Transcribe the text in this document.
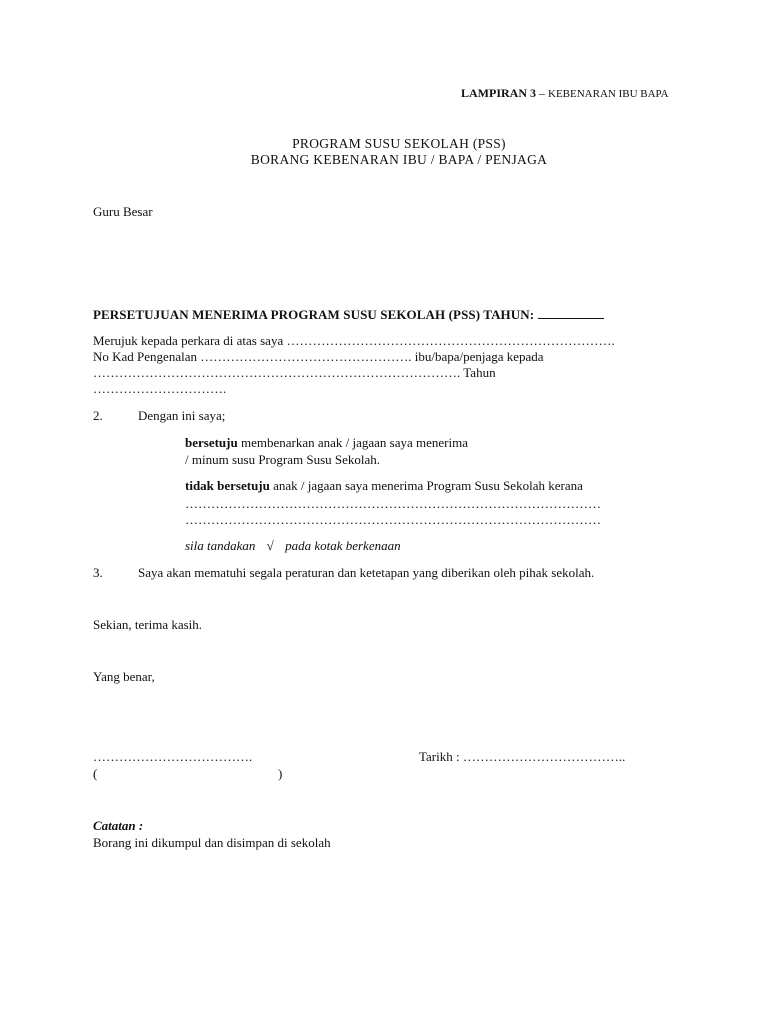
LAMPIRAN 3 – KEBENARAN IBU BAPA
PROGRAM SUSU SEKOLAH (PSS)
BORANG KEBENARAN IBU / BAPA / PENJAGA
Guru Besar
PERSETUJUAN MENERIMA PROGRAM SUSU SEKOLAH (PSS) TAHUN:
Merujuk kepada perkara di atas saya ………………………………………………………………….
No Kad Pengenalan …………………………………………. ibu/bapa/penjaga kepada
…………………………………………………………………………. Tahun
………………………….
2.	Dengan ini saya;
bersetuju membenarkan anak / jagaan saya menerima
/ minum susu Program Susu Sekolah.
tidak bersetuju anak / jagaan saya menerima Program Susu Sekolah kerana
……………………………………………………………………………………
……………………………………………………………………………………
sila tandakan √ pada kotak berkenaan
3.	Saya akan mematuhi segala peraturan dan ketetapan yang diberikan oleh pihak sekolah.
Sekian, terima kasih.
Yang benar,
……………………………….
(	)
Tarikh : ………………………………..
Catatan :
Borang ini dikumpul dan disimpan di sekolah
